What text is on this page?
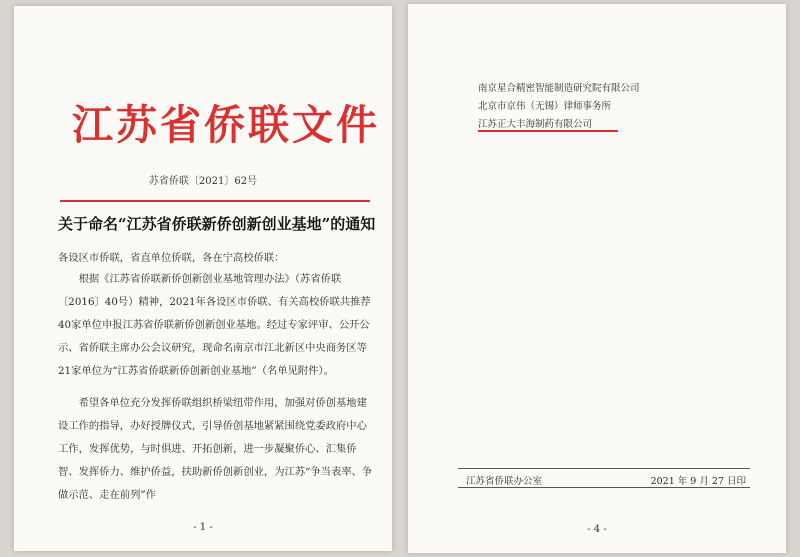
江苏省侨联文件
苏省侨联〔2021〕62号
关于命名“江苏省侨联新侨创新创业基地”的通知
各设区市侨联，省直单位侨联，各在宁高校侨联：
根据《江苏省侨联新侨创新创业基地管理办法》（苏省侨联〔2016〕40号）精神，2021年各设区市侨联、有关高校侨联共推荐40家单位申报江苏省侨联新侨创新创业基地。经过专家评审、公开公示、省侨联主席办公会议研究，现命名南京市江北新区中央商务区等21家单位为“江苏省侨联新侨创新创业基地”（名单见附件）。
希望各单位充分发挥侨联组织桥梁纽带作用，加强对侨创基地建设工作的指导，办好授牌仪式，引导侨创基地紧紧围绕党委政府中心工作，发挥优势，与时俱进、开拓创新，进一步凝聚侨心、汇集侨智、发挥侨力、维护侨益，扶助新侨创新创业，为江苏“争当表率、争做示范、走在前列”作
- 1 -
南京星合精密智能制造研究院有限公司
北京市京伟（无锡）律师事务所
江苏正大丰海制药有限公司
江苏省侨联办公室	2021 年 9 月 27 日印
- 4 -
